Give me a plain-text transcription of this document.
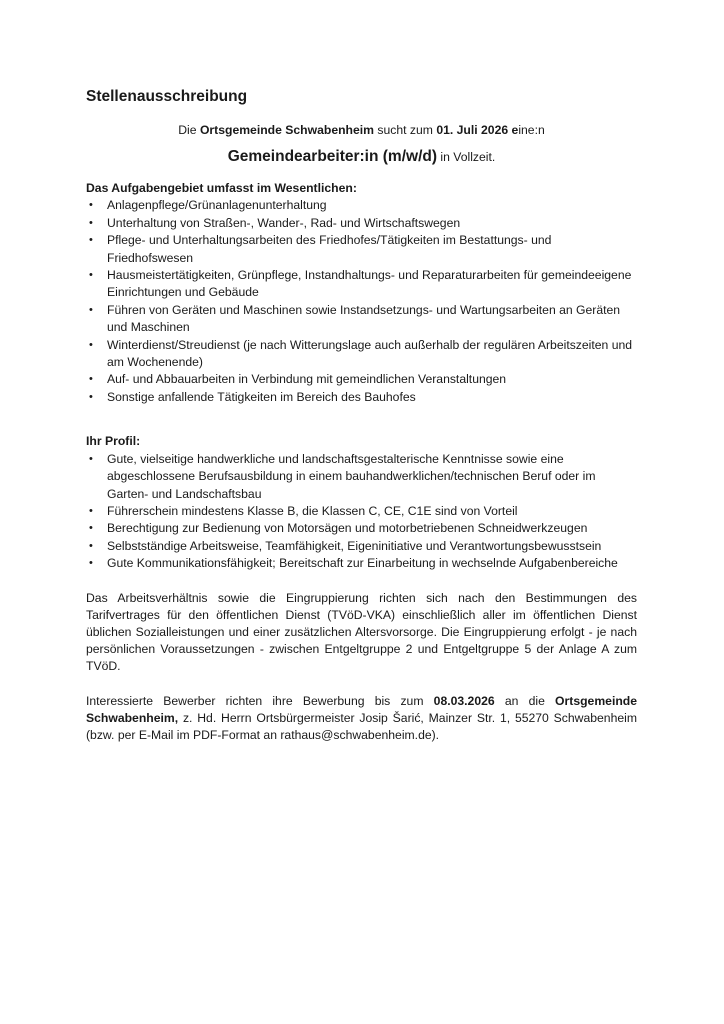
Stellenausschreibung
Die Ortsgemeinde Schwabenheim sucht zum 01. Juli 2026 eine:n
Gemeindearbeiter:in (m/w/d) in Vollzeit.
Das Aufgabengebiet umfasst im Wesentlichen:
•	Anlagenpflege/Grünanlagenunterhaltung
•	Unterhaltung von Straßen-, Wander-, Rad- und Wirtschaftswegen
•	Pflege- und Unterhaltungsarbeiten des Friedhofes/Tätigkeiten im Bestattungs- und Friedhofswesen
•	Hausmeistertätigkeiten, Grünpflege, Instandhaltungs- und Reparaturarbeiten für gemeindeeigene Einrichtungen und Gebäude
•	Führen von Geräten und Maschinen sowie Instandsetzungs- und Wartungsarbeiten an Geräten und Maschinen
•	Winterdienst/Streudienst (je nach Witterungslage auch außerhalb der regulären Arbeitszeiten und am Wochenende)
•	Auf- und Abbauarbeiten in Verbindung mit gemeindlichen Veranstaltungen
•	Sonstige anfallende Tätigkeiten im Bereich des Bauhofes
Ihr Profil:
•	Gute, vielseitige handwerkliche und landschaftsgestalterische Kenntnisse sowie eine abgeschlossene Berufsausbildung in einem bauhandwerklichen/technischen Beruf oder im Garten- und Landschaftsbau
•	Führerschein mindestens Klasse B, die Klassen C, CE, C1E sind von Vorteil
•	Berechtigung zur Bedienung von Motorsägen und motorbetriebenen Schneidwerkzeugen
•	Selbstständige Arbeitsweise, Teamfähigkeit, Eigeninitiative und Verantwortungsbewusstsein
•	Gute Kommunikationsfähigkeit; Bereitschaft zur Einarbeitung in wechselnde Aufgabenbereiche

Das Arbeitsverhältnis sowie die Eingruppierung richten sich nach den Bestimmungen des Tarifvertrages für den öffentlichen Dienst (TVöD-VKA) einschließlich aller im öffentlichen Dienst üblichen Sozialleistungen und einer zusätzlichen Altersvorsorge. Die Eingruppierung erfolgt - je nach persönlichen Voraussetzungen - zwischen Entgeltgruppe 2 und Entgeltgruppe 5 der Anlage A zum TVöD.

Interessierte Bewerber richten ihre Bewerbung bis zum 08.03.2026 an die Ortsgemeinde Schwabenheim, z. Hd. Herrn Ortsbürgermeister Josip Šarić, Mainzer Str. 1, 55270 Schwabenheim (bzw. per E-Mail im PDF-Format an rathaus@schwabenheim.de).
